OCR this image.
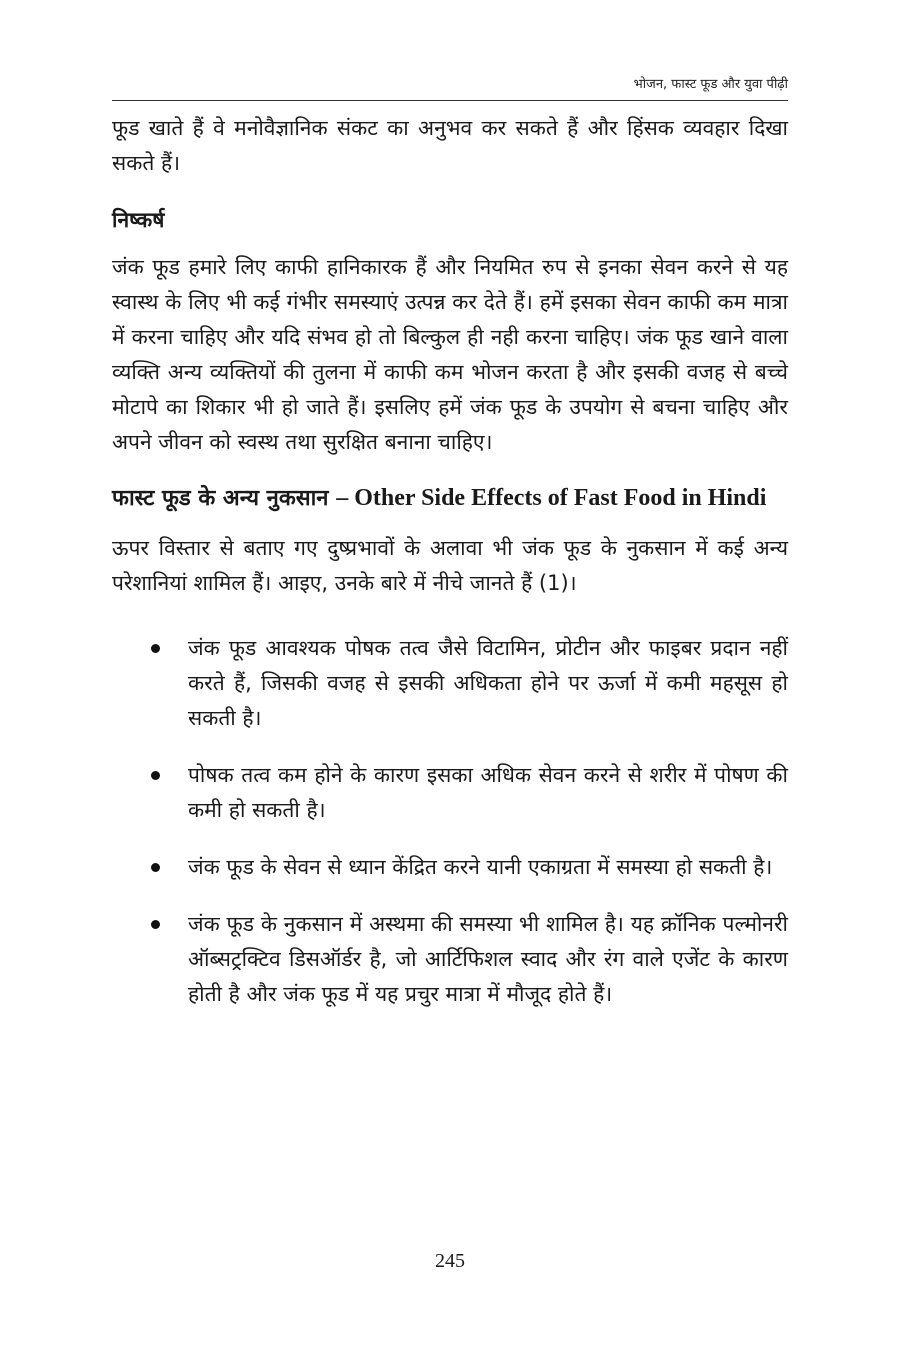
भोजन, फास्ट फूड और युवा पीढ़ी

फूड खाते हैं वे मनोवैज्ञानिक संकट का अनुभव कर सकते हैं और हिंसक व्यवहार दिखा सकते हैं।

निष्कर्ष

जंक फूड हमारे लिए काफी हानिकारक हैं और नियमित रुप से इनका सेवन करने से यह स्वास्थ के लिए भी कई गंभीर समस्याएं उत्पन्न कर देते हैं। हमें इसका सेवन काफी कम मात्रा में करना चाहिए और यदि संभव हो तो बिल्कुल ही नही करना चाहिए। जंक फूड खाने वाला व्यक्ति अन्य व्यक्तियों की तुलना में काफी कम भोजन करता है और इसकी वजह से बच्चे मोटापे का शिकार भी हो जाते हैं। इसलिए हमें जंक फूड के उपयोग से बचना चाहिए और अपने जीवन को स्वस्थ तथा सुरक्षित बनाना चाहिए।

फास्ट फूड के अन्य नुकसान – Other Side Effects of Fast Food in Hindi

ऊपर विस्तार से बताए गए दुष्प्रभावों के अलावा भी जंक फूड के नुकसान में कई अन्य परेशानियां शामिल हैं। आइए, उनके बारे में नीचे जानते हैं (1)।

जंक फूड आवश्यक पोषक तत्व जैसे विटामिन, प्रोटीन और फाइबर प्रदान नहीं करते हैं, जिसकी वजह से इसकी अधिकता होने पर ऊर्जा में कमी महसूस हो सकती है।

पोषक तत्व कम होने के कारण इसका अधिक सेवन करने से शरीर में पोषण की कमी हो सकती है।

जंक फूड के सेवन से ध्यान केंद्रित करने यानी एकाग्रता में समस्या हो सकती है।

जंक फूड के नुकसान में अस्थमा की समस्या भी शामिल है। यह क्रॉनिक पल्मोनरी ऑब्सट्रक्टिव डिसऑर्डर है, जो आर्टिफिशल स्वाद और रंग वाले एजेंट के कारण होती है और जंक फूड में यह प्रचुर मात्रा में मौजूद होते हैं।

245
